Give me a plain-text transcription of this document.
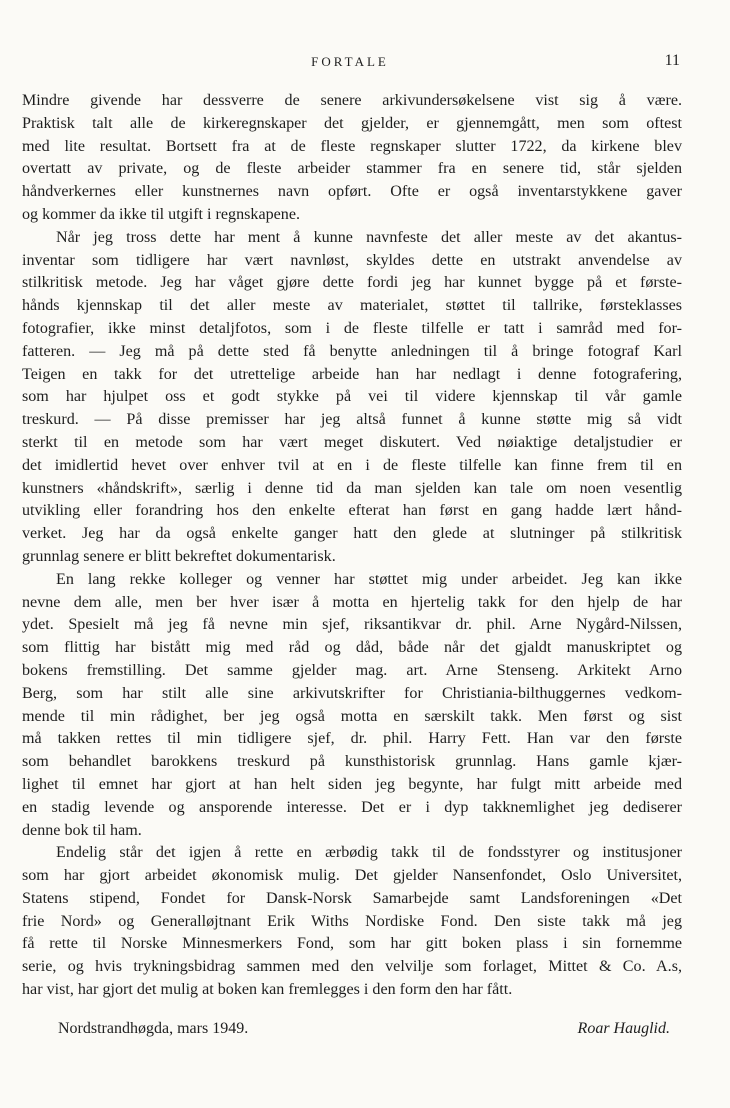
FORTALE	11
Mindre givende har dessverre de senere arkivundersøkelsene vist sig å være.
Praktisk talt alle de kirkeregnskaper det gjelder, er gjennemgått, men som oftest
med lite resultat. Bortsett fra at de fleste regnskaper slutter 1722, da kirkene blev
overtatt av private, og de fleste arbeider stammer fra en senere tid, står sjelden
håndverkernes eller kunstnernes navn opført. Ofte er også inventarstykkene gaver
og kommer da ikke til utgift i regnskapene.
Når jeg tross dette har ment å kunne navnfeste det aller meste av det akantus-
inventar som tidligere har vært navnløst, skyldes dette en utstrakt anvendelse av
stilkritisk metode. Jeg har våget gjøre dette fordi jeg har kunnet bygge på et første-
hånds kjennskap til det aller meste av materialet, støttet til tallrike, førsteklasses
fotografier, ikke minst detaljfotos, som i de fleste tilfelle er tatt i samråd med for-
fatteren. — Jeg må på dette sted få benytte anledningen til å bringe fotograf Karl
Teigen en takk for det utrettelige arbeide han har nedlagt i denne fotografering,
som har hjulpet oss et godt stykke på vei til videre kjennskap til vår gamle
treskurd. — På disse premisser har jeg altså funnet å kunne støtte mig så vidt
sterkt til en metode som har vært meget diskutert. Ved nøiaktige detaljstudier er
det imidlertid hevet over enhver tvil at en i de fleste tilfelle kan finne frem til en
kunstners «håndskrift», særlig i denne tid da man sjelden kan tale om noen vesentlig
utvikling eller forandring hos den enkelte efterat han først en gang hadde lært hånd-
verket. Jeg har da også enkelte ganger hatt den glede at slutninger på stilkritisk
grunnlag senere er blitt bekreftet dokumentarisk.
En lang rekke kolleger og venner har støttet mig under arbeidet. Jeg kan ikke
nevne dem alle, men ber hver især å motta en hjertelig takk for den hjelp de har
ydet. Spesielt må jeg få nevne min sjef, riksantikvar dr. phil. Arne Nygård-Nilssen,
som flittig har bistått mig med råd og dåd, både når det gjaldt manuskriptet og
bokens fremstilling. Det samme gjelder mag. art. Arne Stenseng. Arkitekt Arno
Berg, som har stilt alle sine arkivutskrifter for Christiania-bilthuggernes vedkom-
mende til min rådighet, ber jeg også motta en særskilt takk. Men først og sist
må takken rettes til min tidligere sjef, dr. phil. Harry Fett. Han var den første
som behandlet barokkens treskurd på kunsthistorisk grunnlag. Hans gamle kjær-
lighet til emnet har gjort at han helt siden jeg begynte, har fulgt mitt arbeide med
en stadig levende og ansporende interesse. Det er i dyp takknemlighet jeg dediserer
denne bok til ham.
Endelig står det igjen å rette en ærbødig takk til de fondsstyrer og institusjoner
som har gjort arbeidet økonomisk mulig. Det gjelder Nansenfondet, Oslo Universitet,
Statens stipend, Fondet for Dansk-Norsk Samarbejde samt Landsforeningen «Det
frie Nord» og Generalløjtnant Erik Withs Nordiske Fond. Den siste takk må jeg
få rette til Norske Minnesmerkers Fond, som har gitt boken plass i sin fornemme
serie, og hvis trykningsbidrag sammen med den velvilje som forlaget, Mittet & Co. A.s,
har vist, har gjort det mulig at boken kan fremlegges i den form den har fått.
Nordstrandhøgda, mars 1949.	Roar Hauglid.
